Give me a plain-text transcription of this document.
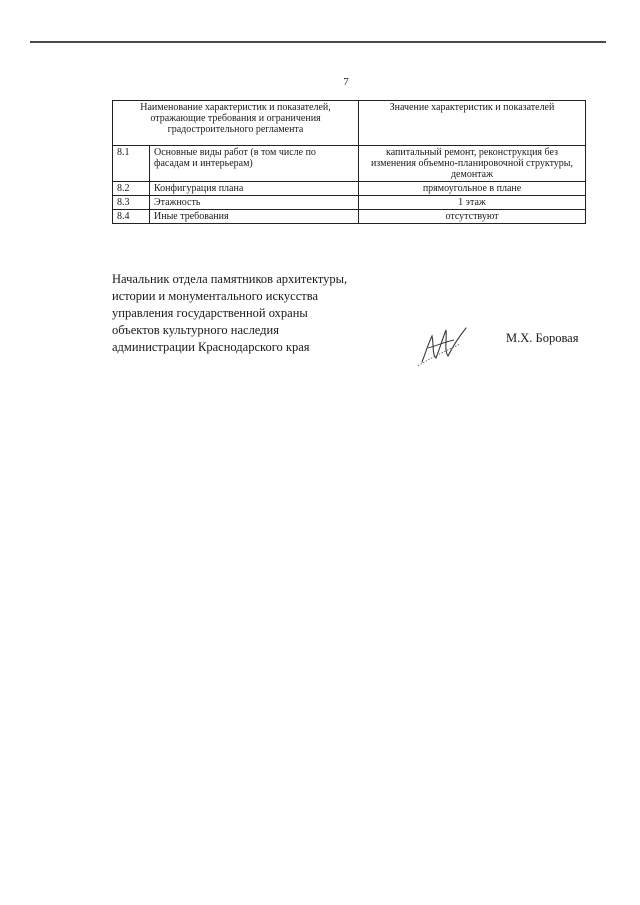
7
Наименование характеристик и показателей, отражающие требования и ограничения градостроительного регламента		Значение характеристик и показателей
8.1	Основные виды работ (в том числе по фасадам и интерьерам)	капитальный ремонт, реконструкция без изменения объемно-планировочной структуры, демонтаж
8.2	Конфигурация плана	прямоугольное в плане
8.3	Этажность	1 этаж
8.4	Иные требования	отсутствуют
Начальник отдела памятников архитектуры,
истории и монументального искусства
управления государственной охраны
объектов культурного наследия
администрации Краснодарского края
М.Х. Боровая
